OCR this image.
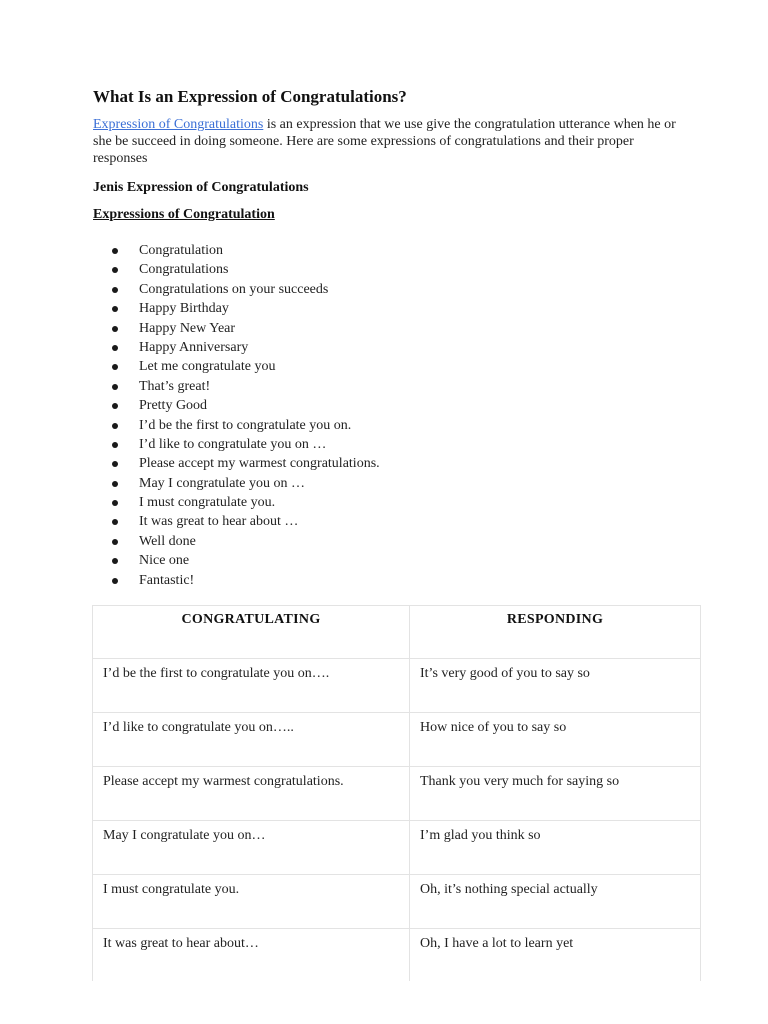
What Is an Expression of Congratulations?
Expression of Congratulations is an expression that we use give the congratulation utterance when he or she be succeed in doing someone. Here are some expressions of congratulations and their proper responses
Jenis Expression of Congratulations
Expressions of Congratulation
Congratulation
Congratulations
Congratulations on your succeeds
Happy Birthday
Happy New Year
Happy Anniversary
Let me congratulate you
That’s great!
Pretty Good
I’d be the first to congratulate you on.
I’d like to congratulate you on …
Please accept my warmest congratulations.
May I congratulate you on …
I must congratulate you.
It was great to hear about …
Well done
Nice one
Fantastic!
CONGRATULATING	RESPONDING
I’d be the first to congratulate you on….	It’s very good of you to say so
I’d like to congratulate you on…..	How nice of you to say so
Please accept my warmest congratulations.	Thank you very much for saying so
May I congratulate you on…	I’m glad you think so
I must congratulate you.	Oh, it’s nothing special actually
It was great to hear about…	Oh, I have a lot to learn yet
